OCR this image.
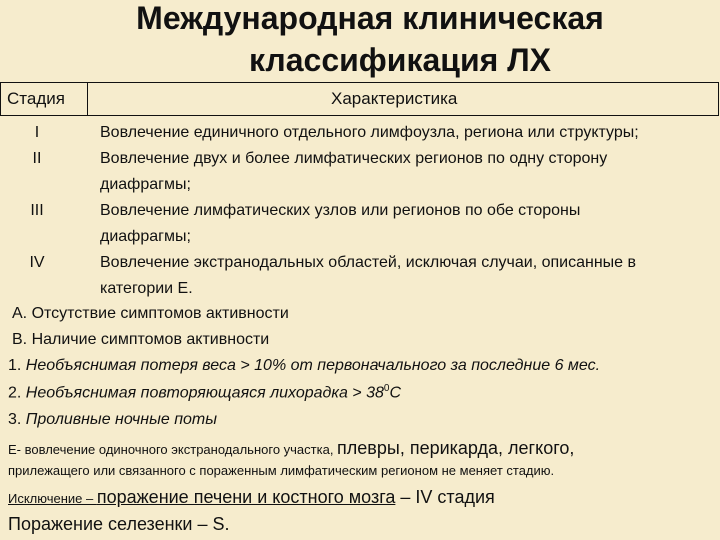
Международная клиническая
классификация ЛХ
Стадия	Характеристика
I	Вовлечение единичного отдельного лимфоузла, региона или структуры;
II	Вовлечение двух и более лимфатических регионов по одну сторону
диафрагмы;
III	Вовлечение лимфатических узлов или регионов по обе стороны
диафрагмы;
IV	Вовлечение экстранодальных областей, исключая случаи, описанные в
категории Е.
А. Отсутствие симптомов активности
В. Наличие симптомов активности
1. Необъяснимая потеря веса > 10% от первоначального за последние 6 мес.
2. Необъяснимая повторяющаяся лихорадка > $38^0С$
3. Проливные ночные поты
Е- вовлечение одиночного экстранодального участка, плевры, перикарда, легкого,
прилежащего или связанного с пораженным лимфатическим регионом не меняет стадию.
Исключение – поражение печени и костного мозга – IV стадия
Поражение селезенки – S.
